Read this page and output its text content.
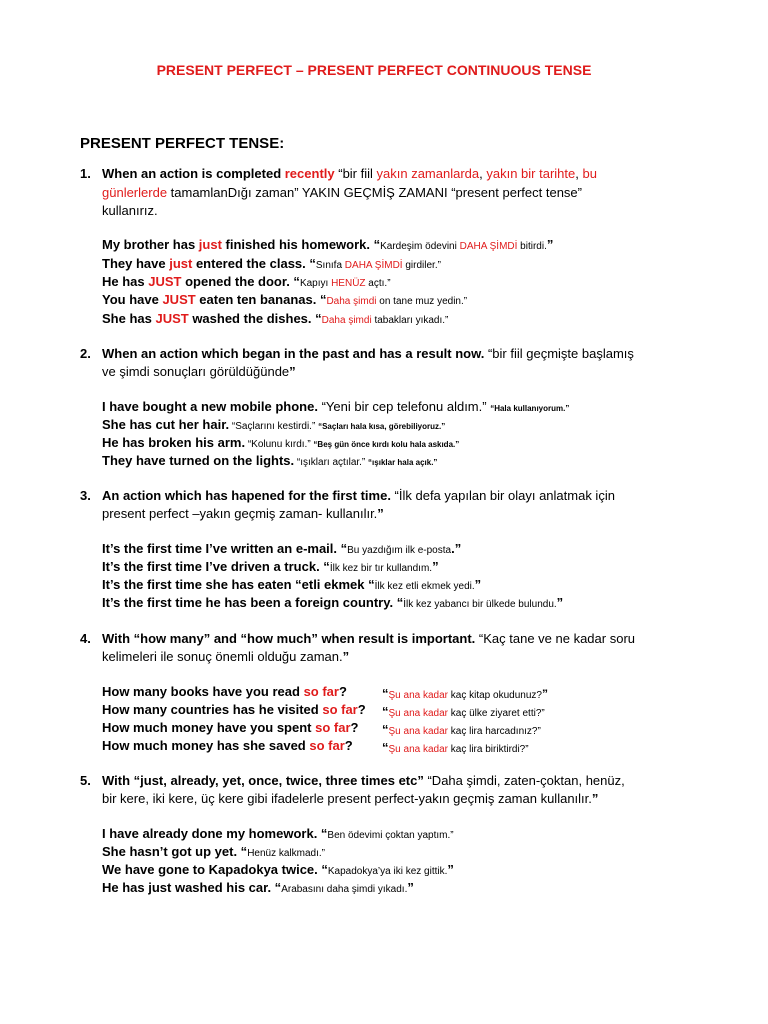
PRESENT PERFECT – PRESENT PERFECT CONTINUOUS TENSE
PRESENT PERFECT TENSE:
1. When an action is completed recently “bir fiil yakın zamanlarda, yakın bir tarihte, bu
günlerlerde tamamlanDığı zaman” YAKIN GEÇMİŞ ZAMANI “present perfect tense”
kullanırız.
My brother has just finished his homework. “Kardeşim ödevini DAHA ŞİMDİ bitirdi.”
They have just entered the class. “Sınıfa DAHA ŞİMDİ girdiler.”
He has JUST opened the door. “Kapıyı HENÜZ açtı.”
You have JUST eaten ten bananas. “Daha şimdi on tane muz yedin.”
She has JUST washed the dishes. “Daha şimdi tabakları yıkadı.”
2. When an action which began in the past and has a result now. “bir fiil geçmişte başlamış
ve şimdi sonuçları görüldüğünde”
I have bought a new mobile phone. “Yeni bir cep telefonu aldım.” “Hala kullanıyorum.”
She has cut her hair. “Saçlarını kestirdi.” “Saçları hala kısa, görebiliyoruz.”
He has broken his arm. “Kolunu kırdı.” “Beş gün önce kırdı kolu hala askıda.”
They have turned on the lights. “ışıkları açtılar.” “ışıklar hala açık.”
3. An action which has hapened for the first time. “İlk defa yapılan bir olayı anlatmak için
present perfect –yakın geçmiş zaman- kullanılır.”
It’s the first time I’ve written an e-mail. “Bu yazdığım ilk e-posta.”
It’s the first time I’ve driven a truck. “İlk kez bir tır kullandım.”
It’s the first time she has eaten “etli ekmek “İlk kez etli ekmek yedi.”
It’s the first time he has been a foreign country. “İlk kez yabancı bir ülkede bulundu.”
4. With “how many” and “how much” when result is important. “Kaç tane ve ne kadar soru
kelimeleri ile sonuç önemli olduğu zaman.”
How many books have you read so far?	“Şu ana kadar kaç kitap okudunuz?”
How many countries has he visited so far? “Şu ana kadar kaç ülke ziyaret etti?”
How much money have you spent so far? “Şu ana kadar kaç lira harcadınız?”
How much money has she saved so far? “Şu ana kadar kaç lira biriktirdi?”
5. With “just, already, yet, once, twice, three times etc” “Daha şimdi, zaten-çoktan, henüz,
bir kere, iki kere, üç kere gibi ifadelerle present perfect-yakın geçmiş zaman kullanılır.”
I have already done my homework. “Ben ödevimi çoktan yaptım.”
She hasn’t got up yet. “Henüz kalkmadı.”
We have gone to Kapadokya twice. “Kapadokya’ya iki kez gittik.”
He has just washed his car. “Arabasını daha şimdi yıkadı.”
